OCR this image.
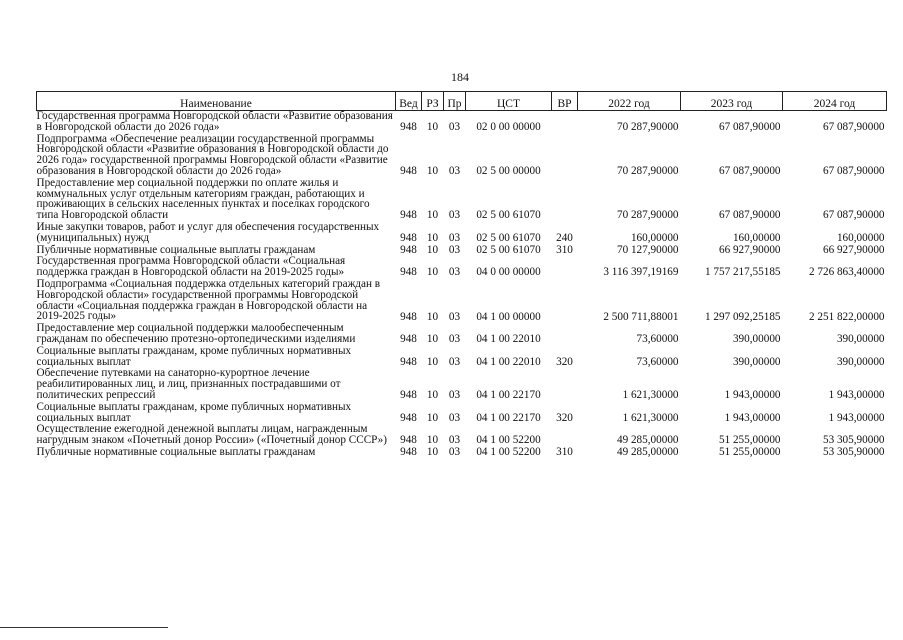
184
Наименование	Вед	РЗ	Пр	ЦСТ	ВР	2022 год	2023 год	2024 год
Государственная программа Новгородской области «Развитие образования в Новгородской области до 2026 года»	948	10	03	02 0 00 00000		70 287,90000	67 087,90000	67 087,90000
Подпрограмма «Обеспечение реализации государственной программы Новгородской области «Развитие образования в Новгородской области до 2026 года» государственной программы Новгородской области «Развитие образования в Новгородской области до 2026 года»	948	10	03	02 5 00 00000		70 287,90000	67 087,90000	67 087,90000
Предоставление мер социальной поддержки по оплате жилья и коммунальных услуг отдельным категориям граждан, работающих и проживающих в сельских населенных пунктах и поселках городского типа Новгородской области	948	10	03	02 5 00 61070		70 287,90000	67 087,90000	67 087,90000
Иные закупки товаров, работ и услуг для обеспечения государственных (муниципальных) нужд	948	10	03	02 5 00 61070	240	160,00000	160,00000	160,00000
Публичные нормативные социальные выплаты гражданам	948	10	03	02 5 00 61070	310	70 127,90000	66 927,90000	66 927,90000
Государственная программа Новгородской области «Социальная поддержка граждан в Новгородской области на 2019-2025 годы»	948	10	03	04 0 00 00000		3 116 397,19169	1 757 217,55185	2 726 863,40000
Подпрограмма «Социальная поддержка отдельных категорий граждан в Новгородской области» государственной программы Новгородской области «Социальная поддержка граждан в Новгородской области на 2019-2025 годы»	948	10	03	04 1 00 00000		2 500 711,88001	1 297 092,25185	2 251 822,00000
Предоставление мер социальной поддержки малообеспеченным гражданам по обеспечению протезно-ортопедическими изделиями	948	10	03	04 1 00 22010		73,60000	390,00000	390,00000
Социальные выплаты гражданам, кроме публичных нормативных социальных выплат	948	10	03	04 1 00 22010	320	73,60000	390,00000	390,00000
Обеспечение путевками на санаторно-курортное лечение реабилитированных лиц, и лиц, признанных пострадавшими от политических репрессий	948	10	03	04 1 00 22170		1 621,30000	1 943,00000	1 943,00000
Социальные выплаты гражданам, кроме публичных нормативных социальных выплат	948	10	03	04 1 00 22170	320	1 621,30000	1 943,00000	1 943,00000
Осуществление ежегодной денежной выплаты лицам, награжденным нагрудным знаком «Почетный донор России» («Почетный донор СССР»)	948	10	03	04 1 00 52200		49 285,00000	51 255,00000	53 305,90000
Публичные нормативные социальные выплаты гражданам	948	10	03	04 1 00 52200	310	49 285,00000	51 255,00000	53 305,90000
